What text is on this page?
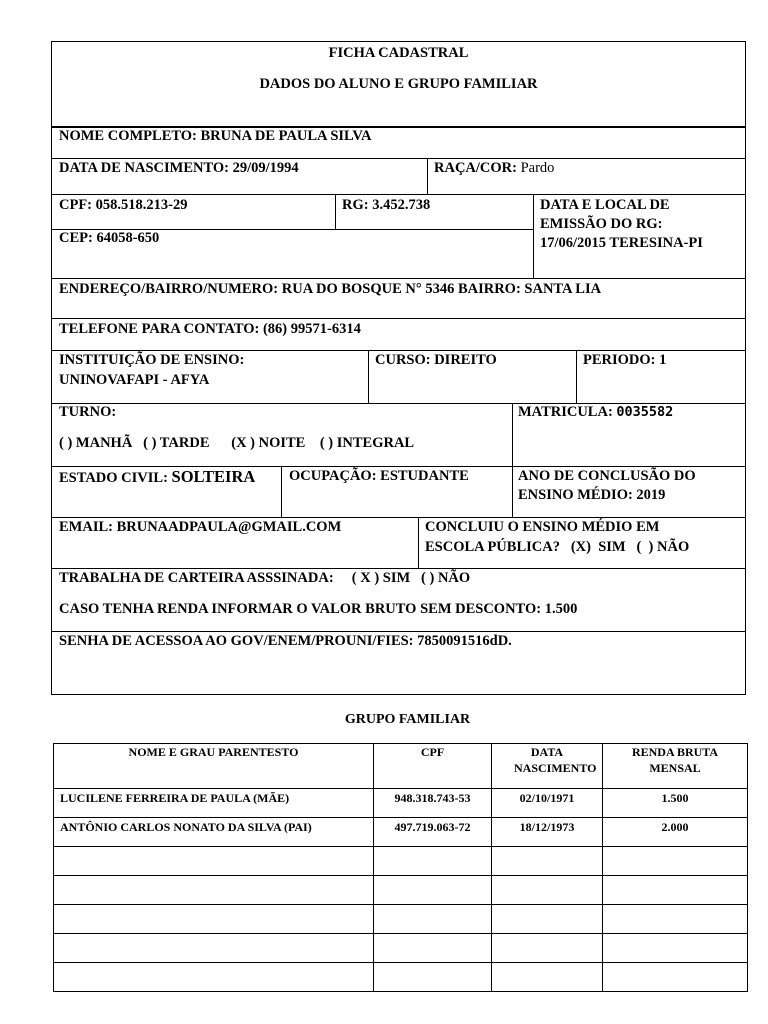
FICHA CADASTRAL
DADOS DO ALUNO E GRUPO FAMILIAR
NOME COMPLETO: BRUNA DE PAULA SILVA
DATA DE NASCIMENTO: 29/09/1994	RAÇA/COR: Pardo
CPF: 058.518.213-29	RG: 3.452.738	DATA E LOCAL DE
EMISSÃO DO RG:
17/06/2015 TERESINA-PI
CEP: 64058-650
ENDEREÇO/BAIRRO/NUMERO: RUA DO BOSQUE N° 5346 BAIRRO: SANTA LIA
TELEFONE PARA CONTATO: (86) 99571-6314
INSTITUIÇÃO DE ENSINO:
UNINOVAFAPI - AFYA
CURSO: DIREITO	PERIODO: 1
TURNO:
( ) MANHÃ   ( ) TARDE      (X ) NOITE    ( ) INTEGRAL
MATRICULA: 0035582
ESTADO CIVIL: SOLTEIRA OCUPAÇÃO: ESTUDANTE	ANO DE CONCLUSÃO DO
ENSINO MÉDIO: 2019
EMAIL: BRUNAADPAULA@GMAIL.COM	CONCLUIU O ENSINO MÉDIO EM
ESCOLA PÚBLICA?   (X)  SIM   (  ) NÃO
TRABALHA DE CARTEIRA ASSSINADA:     ( X ) SIM   ( ) NÃO
CASO TENHA RENDA INFORMAR O VALOR BRUTO SEM DESCONTO: 1.500
SENHA DE ACESSOA AO GOV/ENEM/PROUNI/FIES: 7850091516dD.
GRUPO FAMILIAR
NOME E GRAU PARENTESTO	CPF	DATA NASCIMENTO	RENDA BRUTA MENSAL

LUCILENE FERREIRA DE PAULA (MÃE)	948.318.743-53	02/10/1971	1.500

ANTÔNIO CARLOS NONATO DA SILVA (PAI)	497.719.063-72	18/12/1973	2.000
